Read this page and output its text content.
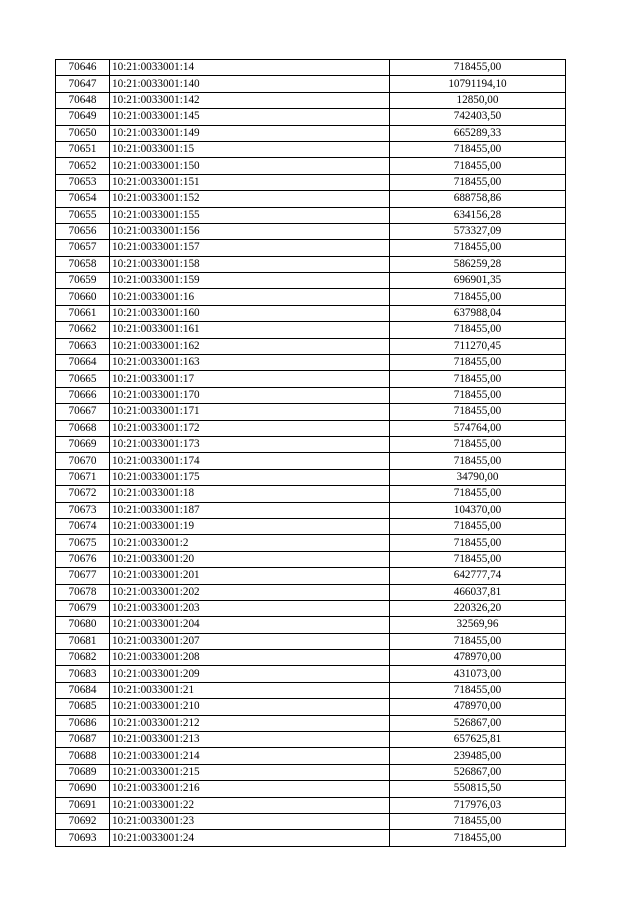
70646	10:21:0033001:14	718455,00
70647	10:21:0033001:140	10791194,10
70648	10:21:0033001:142	12850,00
70649	10:21:0033001:145	742403,50
70650	10:21:0033001:149	665289,33
70651	10:21:0033001:15	718455,00
70652	10:21:0033001:150	718455,00
70653	10:21:0033001:151	718455,00
70654	10:21:0033001:152	688758,86
70655	10:21:0033001:155	634156,28
70656	10:21:0033001:156	573327,09
70657	10:21:0033001:157	718455,00
70658	10:21:0033001:158	586259,28
70659	10:21:0033001:159	696901,35
70660	10:21:0033001:16	718455,00
70661	10:21:0033001:160	637988,04
70662	10:21:0033001:161	718455,00
70663	10:21:0033001:162	711270,45
70664	10:21:0033001:163	718455,00
70665	10:21:0033001:17	718455,00
70666	10:21:0033001:170	718455,00
70667	10:21:0033001:171	718455,00
70668	10:21:0033001:172	574764,00
70669	10:21:0033001:173	718455,00
70670	10:21:0033001:174	718455,00
70671	10:21:0033001:175	34790,00
70672	10:21:0033001:18	718455,00
70673	10:21:0033001:187	104370,00
70674	10:21:0033001:19	718455,00
70675	10:21:0033001:2	718455,00
70676	10:21:0033001:20	718455,00
70677	10:21:0033001:201	642777,74
70678	10:21:0033001:202	466037,81
70679	10:21:0033001:203	220326,20
70680	10:21:0033001:204	32569,96
70681	10:21:0033001:207	718455,00
70682	10:21:0033001:208	478970,00
70683	10:21:0033001:209	431073,00
70684	10:21:0033001:21	718455,00
70685	10:21:0033001:210	478970,00
70686	10:21:0033001:212	526867,00
70687	10:21:0033001:213	657625,81
70688	10:21:0033001:214	239485,00
70689	10:21:0033001:215	526867,00
70690	10:21:0033001:216	550815,50
70691	10:21:0033001:22	717976,03
70692	10:21:0033001:23	718455,00
70693	10:21:0033001:24	718455,00
